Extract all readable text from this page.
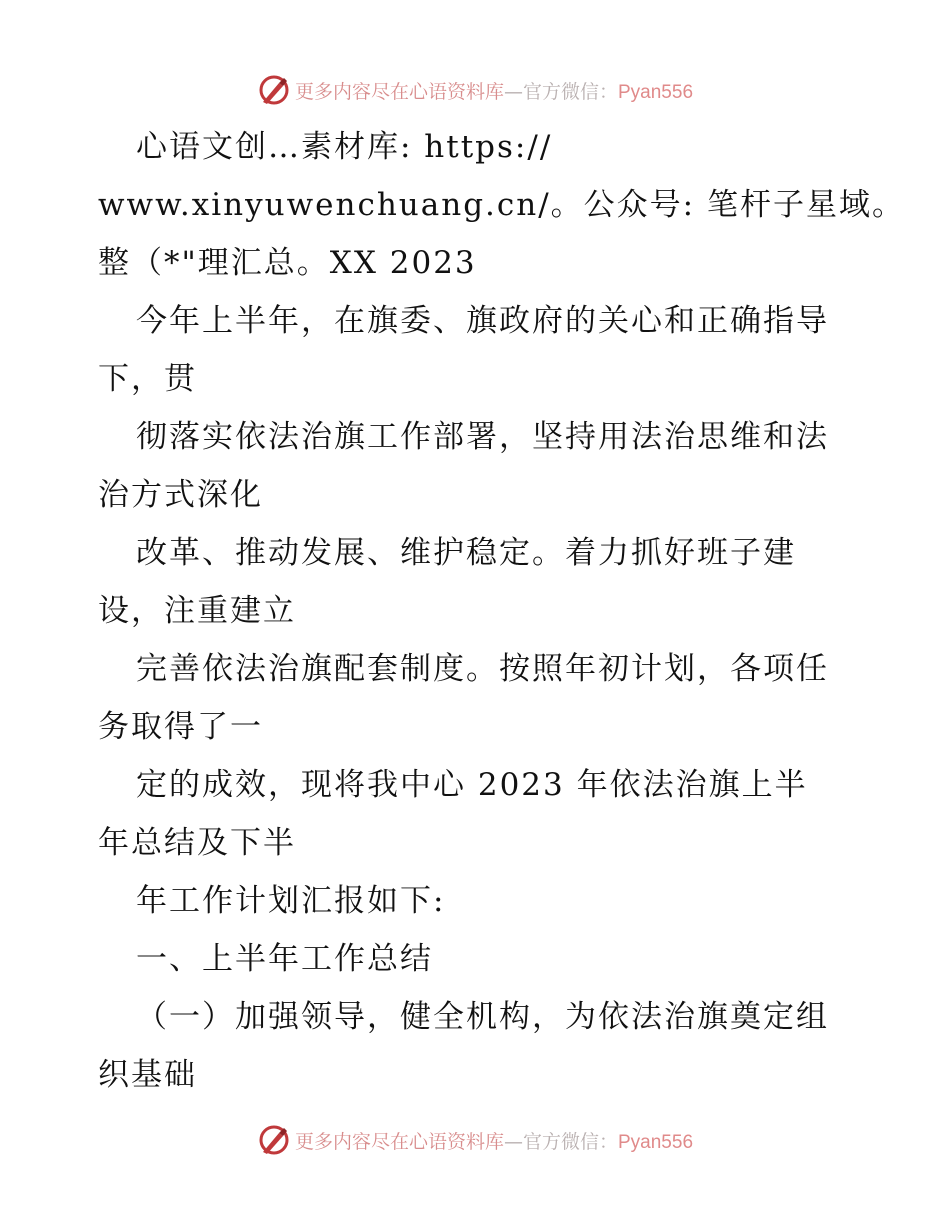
更多内容尽在心语资料库—官方微信：Pyan556
心语文创…素材库: https://
www.xinyuwenchuang.cn/。公众号: 笔杆子星域。
整（*"理汇总。XX 2023
今年上半年，在旗委、旗政府的关心和正确指导
下，贯
彻落实依法治旗工作部署，坚持用法治思维和法
治方式深化
改革、推动发展、维护稳定。着力抓好班子建
设，注重建立
完善依法治旗配套制度。按照年初计划，各项任
务取得了一
定的成效，现将我中心 2023 年依法治旗上半
年总结及下半
年工作计划汇报如下:
一、上半年工作总结
（一）加强领导，健全机构，为依法治旗奠定组
织基础
更多内容尽在心语资料库—官方微信：Pyan556
